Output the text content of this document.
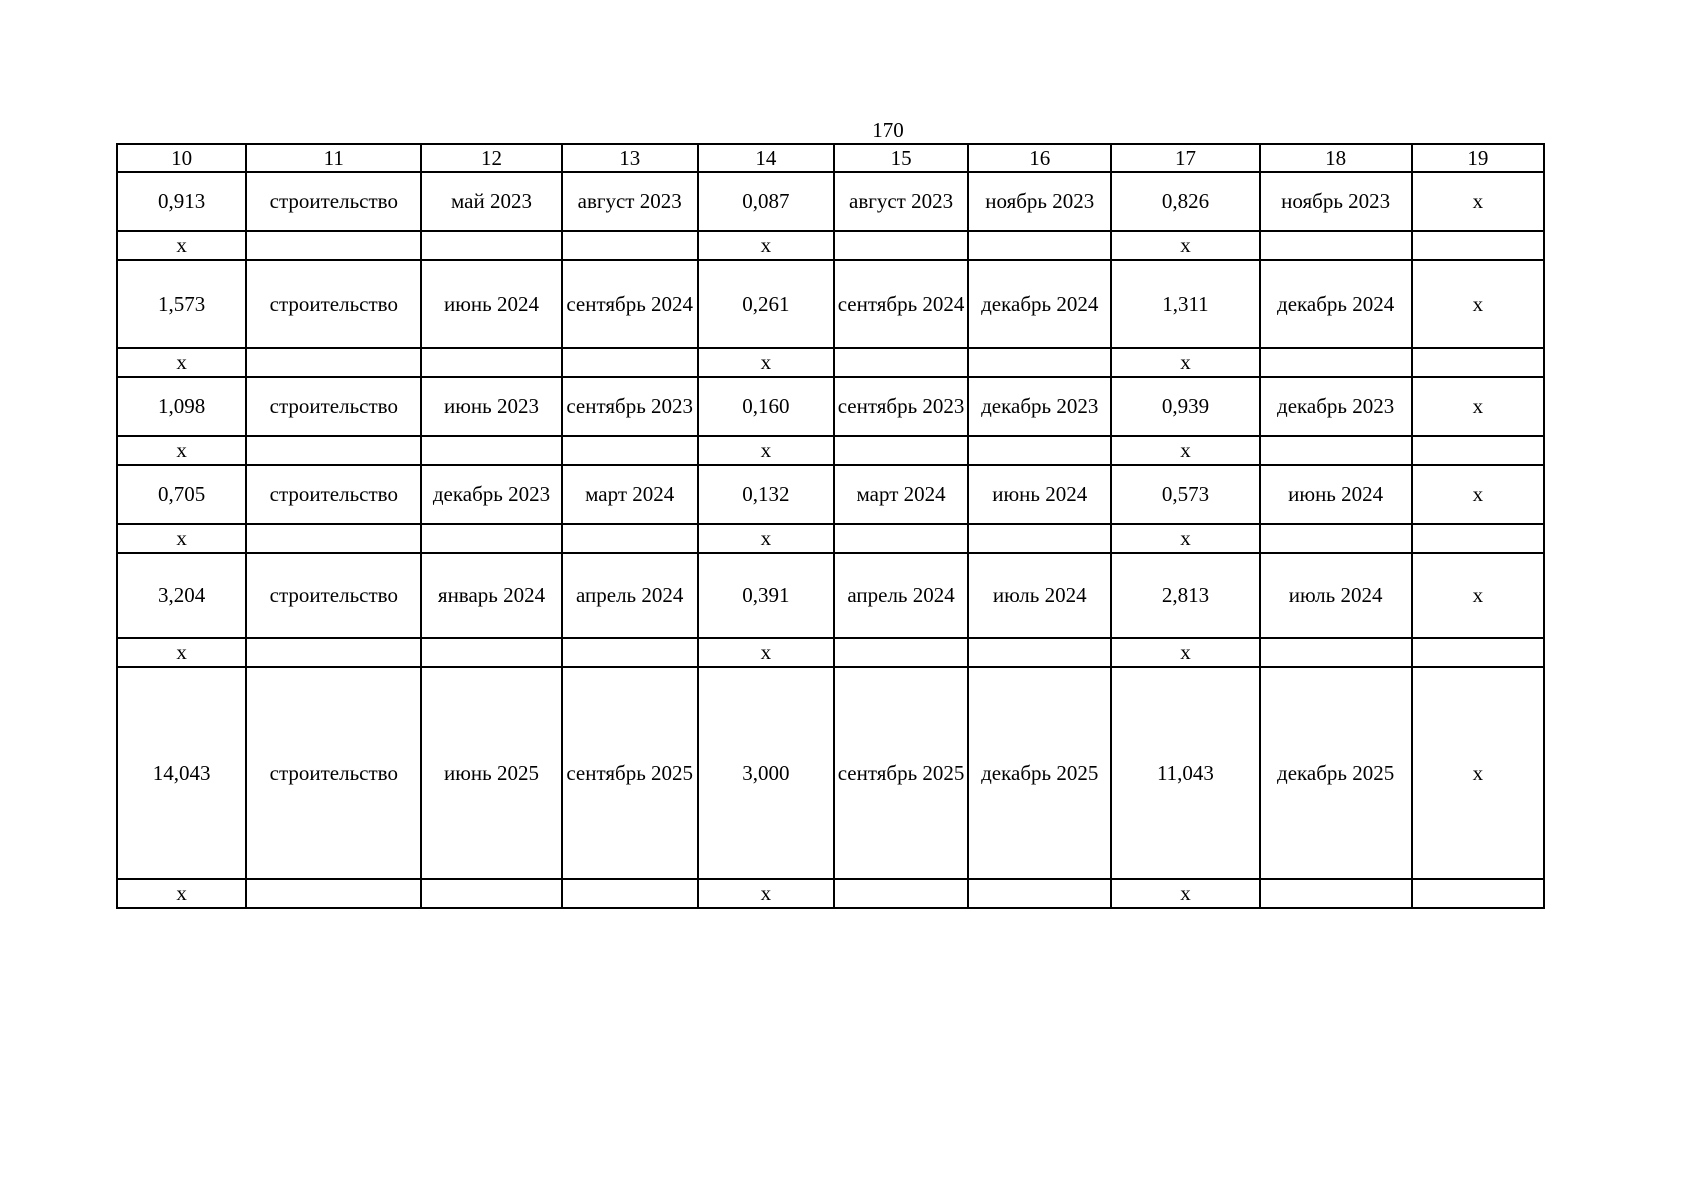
170
10	11	12	13	14	15	16	17	18	19
0,913	строительство	май 2023	август 2023	0,087	август 2023	ноябрь 2023	0,826	ноябрь 2023	х
х				х			х		
1,573	строительство	июнь 2024	сентябрь 2024	0,261	сентябрь 2024	декабрь 2024	1,311	декабрь 2024	х
х				х			х		
1,098	строительство	июнь 2023	сентябрь 2023	0,160	сентябрь 2023	декабрь 2023	0,939	декабрь 2023	х
х				х			х		
0,705	строительство	декабрь 2023	март 2024	0,132	март 2024	июнь 2024	0,573	июнь 2024	х
х				х			х		
3,204	строительство	январь 2024	апрель 2024	0,391	апрель 2024	июль 2024	2,813	июль 2024	х
х				х			х		
14,043	строительство	июнь 2025	сентябрь 2025	3,000	сентябрь 2025	декабрь 2025	11,043	декабрь 2025	х
х				х			х		
